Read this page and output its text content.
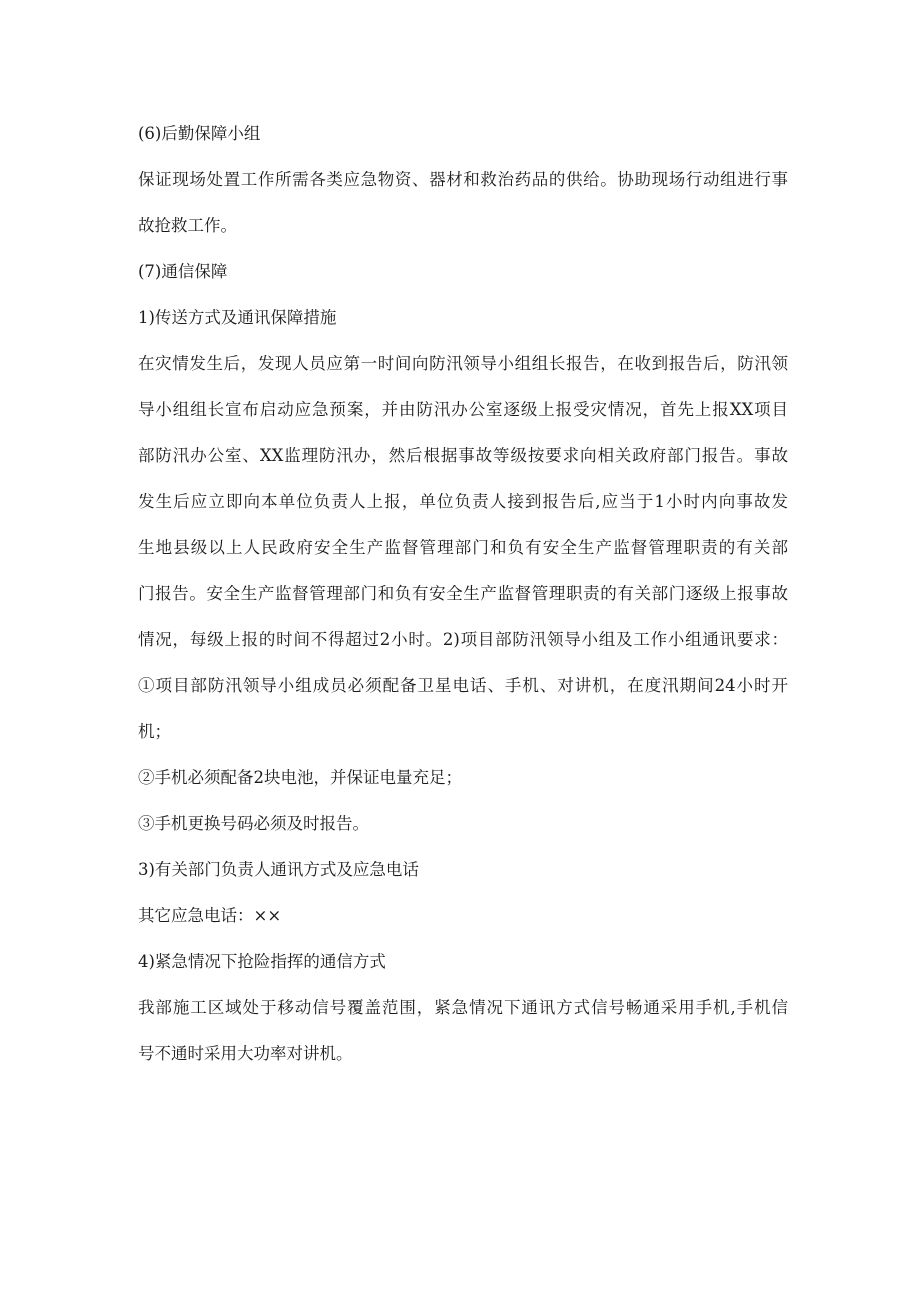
(6)后勤保障小组
保证现场处置工作所需各类应急物资、器材和救治药品的供给。协助现场行动组进行事
故抢救工作。
(7)通信保障
1)传送方式及通讯保障措施
在灾情发生后，发现人员应第一时间向防汛领导小组组长报告，在收到报告后，防汛领
导小组组长宣布启动应急预案，并由防汛办公室逐级上报受灾情况，首先上报XX项目
部防汛办公室、XX监理防汛办，然后根据事故等级按要求向相关政府部门报告。事故
发生后应立即向本单位负责人上报，单位负责人接到报告后,应当于1小时内向事故发
生地县级以上人民政府安全生产监督管理部门和负有安全生产监督管理职责的有关部
门报告。安全生产监督管理部门和负有安全生产监督管理职责的有关部门逐级上报事故
情况，每级上报的时间不得超过2小时。2)项目部防汛领导小组及工作小组通讯要求：
①项目部防汛领导小组成员必须配备卫星电话、手机、对讲机，在度汛期间24小时开
机；
②手机必须配备2块电池，并保证电量充足；
③手机更换号码必须及时报告。
3)有关部门负责人通讯方式及应急电话
其它应急电话：××
4)紧急情况下抢险指挥的通信方式
我部施工区域处于移动信号覆盖范围，紧急情况下通讯方式信号畅通采用手机,手机信
号不通时采用大功率对讲机。
